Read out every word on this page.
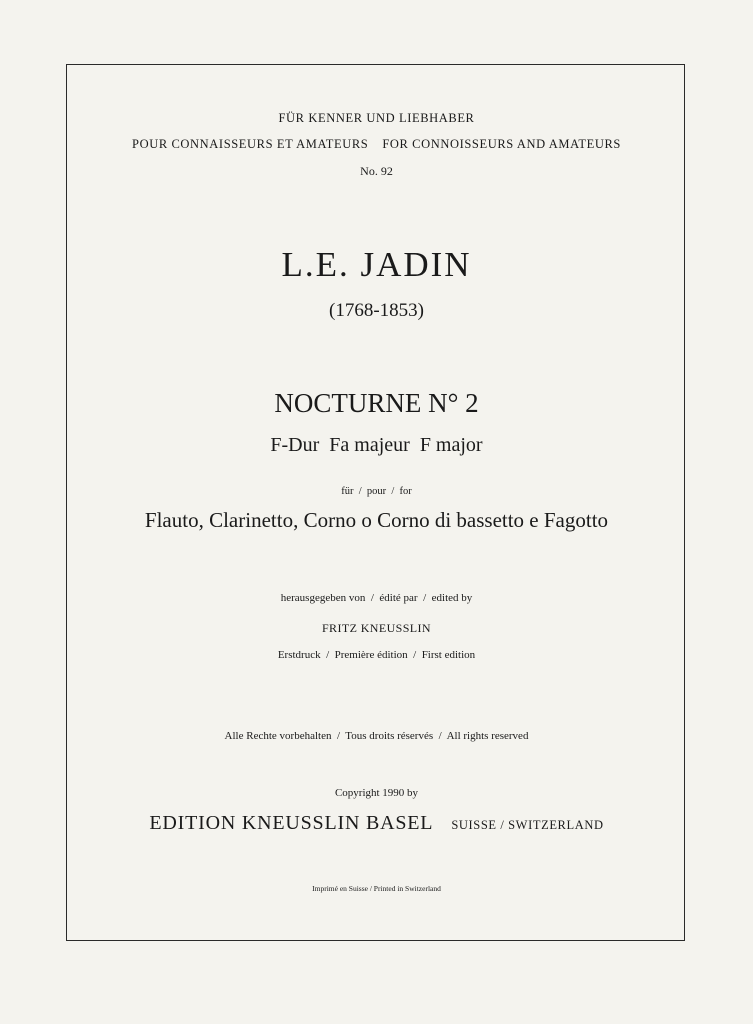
FÜR KENNER UND LIEBHABER
POUR CONNAISSEURS ET AMATEURS FOR CONNOISSEURS AND AMATEURS
No. 92
L.E. JADIN
(1768-1853)
NOCTURNE N° 2
F-Dur Fa majeur F major
für  /  pour  /  for
Flauto, Clarinetto, Corno o Corno di bassetto e Fagotto
herausgegeben von  /  édité par  /  edited by
FRITZ KNEUSSLIN
Erstdruck  /  Première édition  /  First edition
Alle Rechte vorbehalten  /  Tous droits réservés  /  All rights reserved
Copyright 1990 by
EDITION KNEUSSLIN BASEL SUISSE / SWITZERLAND
Imprimé en Suisse / Printed in Switzerland
